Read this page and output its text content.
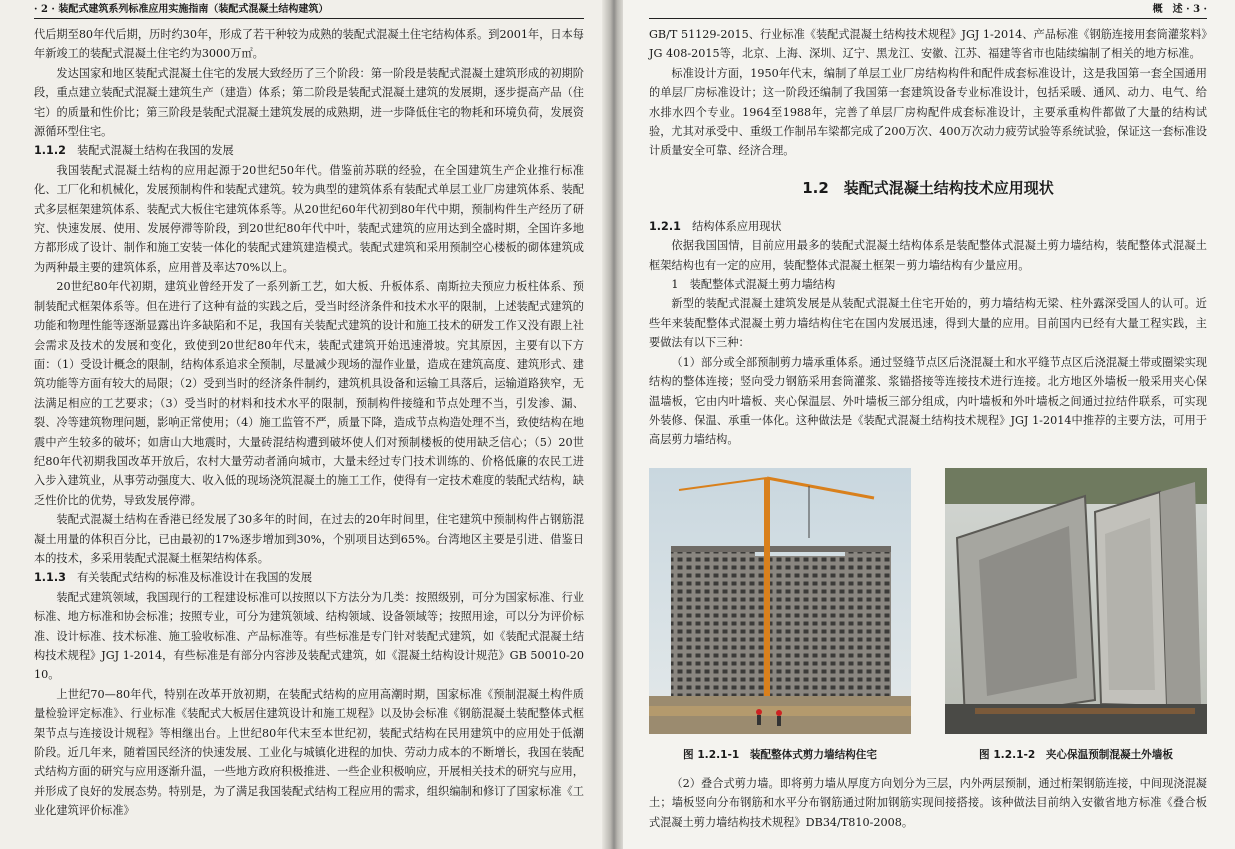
· 2 · 装配式建筑系列标准应用实施指南（装配式混凝土结构建筑）

代后期至80年代后期，历时约30年，形成了若干种较为成熟的装配式混凝土住宅结构体系。到2001年，日本每年新竣工的装配式混凝土住宅约为3000万㎡。

发达国家和地区装配式混凝土住宅的发展大致经历了三个阶段：第一阶段是装配式混凝土建筑形成的初期阶段，重点建立装配式混凝土建筑生产（建造）体系；第二阶段是装配式混凝土建筑的发展期，逐步提高产品（住宅）的质量和性价比；第三阶段是装配式混凝土建筑发展的成熟期，进一步降低住宅的物耗和环境负荷，发展资源循环型住宅。

1.1.2　 装配式混凝土结构在我国的发展

我国装配式混凝土结构的应用起源于20世纪50年代。借鉴前苏联的经验，在全国建筑生产企业推行标准化、工厂化和机械化，发展预制构件和装配式建筑。较为典型的建筑体系有装配式单层工业厂房建筑体系、装配式多层框架建筑体系、装配式大板住宅建筑体系等。从20世纪60年代初到80年代中期，预制构件生产经历了研究、快速发展、使用、发展停滞等阶段，到20世纪80年代中叶，装配式建筑的应用达到全盛时期，全国许多地方都形成了设计、制作和施工安装一体化的装配式建筑建造模式。装配式建筑和采用预制空心楼板的砌体建筑成为两种最主要的建筑体系，应用普及率达70%以上。

20世纪80年代初期，建筑业曾经开发了一系列新工艺，如大板、升板体系、南斯拉夫预应力板柱体系、预制装配式框架体系等。但在进行了这种有益的实践之后，受当时经济条件和技术水平的限制，上述装配式建筑的功能和物理性能等逐渐显露出许多缺陷和不足，我国有关装配式建筑的设计和施工技术的研发工作又没有跟上社会需求及技术的发展和变化，致使到20世纪80年代末，装配式建筑开始迅速滑坡。究其原因，主要有以下方面：（1）受设计概念的限制，结构体系追求全预制，尽量减少现场的湿作业量，造成在建筑高度、建筑形式、建筑功能等方面有较大的局限；（2）受到当时的经济条件制约，建筑机具设备和运输工具落后，运输道路狭窄，无法满足相应的工艺要求；（3）受当时的材料和技术水平的限制，预制构件接缝和节点处理不当，引发渗、漏、裂、冷等建筑物理问题，影响正常使用；（4）施工监管不严，质量下降，造成节点构造处理不当，致使结构在地震中产生较多的破坏；如唐山大地震时，大量砖混结构遭到破坏使人们对预制楼板的使用缺乏信心；（5）20世纪80年代初期我国改革开放后，农村大量劳动者涌向城市，大量未经过专门技术训练的、价格低廉的农民工进入步入建筑业，从事劳动强度大、收入低的现场浇筑混凝土的施工工作，使得有一定技术难度的装配式结构，缺乏性价比的优势，导致发展停滞。

装配式混凝土结构在香港已经发展了30多年的时间，在过去的20年时间里，住宅建筑中预制构件占钢筋混凝土用量的体积百分比，已由最初的17%逐步增加到30%，个别项目达到65%。台湾地区主要是引进、借鉴日本的技术，多采用装配式混凝土框架结构体系。

1.1.3　 有关装配式结构的标准及标准设计在我国的发展

装配式建筑领域，我国现行的工程建设标准可以按照以下方法分为几类：按照级别，可分为国家标准、行业标准、地方标准和协会标准；按照专业，可分为建筑领域、结构领域、设备领域等；按照用途，可以分为评价标准、设计标准、技术标准、施工验收标准、产品标准等。有些标准是专门针对装配式建筑，如《装配式混凝土结构技术规程》JGJ 1-2014，有些标准是有部分内容涉及装配式建筑，如《混凝土结构设计规范》GB 50010-2010。

上世纪70—80年代，特别在改革开放初期，在装配式结构的应用高潮时期，国家标准《预制混凝土构件质量检验评定标准》、行业标准《装配式大板居住建筑设计和施工规程》以及协会标准《钢筋混凝土装配整体式框架节点与连接设计规程》等相继出台。上世纪80年代末至本世纪初，装配式结构在民用建筑中的应用处于低潮阶段。近几年来，随着国民经济的快速发展、工业化与城镇化进程的加快、劳动力成本的不断增长，我国在装配式结构方面的研究与应用逐渐升温，一些地方政府积极推进、一些企业积极响应，开展相关技术的研究与应用，并形成了良好的发展态势。特别是，为了满足我国装配式结构工程应用的需求，组织编制和修订了国家标准《工业化建筑评价标准》

概　述 · 3 ·

GB/T 51129-2015、行业标准《装配式混凝土结构技术规程》JGJ 1-2014、产品标准《钢筋连接用套筒灌浆料》JG 408-2015等，北京、上海、深圳、辽宁、黑龙江、安徽、江苏、福建等省市也陆续编制了相关的地方标准。

标准设计方面，1950年代末，编制了单层工业厂房结构构件和配件成套标准设计，这是我国第一套全国通用的单层厂房标准设计；这一阶段还编制了我国第一套建筑设备专业标准设计，包括采暖、通风、动力、电气、给水排水四个专业。1964至1988年，完善了单层厂房构配件成套标准设计，主要承重构件都做了大量的结构试验，尤其对承受中、重级工作制吊车梁都完成了200万次、400万次动力疲劳试验等系统试验，保证这一套标准设计质量安全可靠、经济合理。

1.2　装配式混凝土结构技术应用现状
1.2.1　 结构体系应用现状

依据我国国情，目前应用最多的装配式混凝土结构体系是装配整体式混凝土剪力墙结构，装配整体式混凝土框架结构也有一定的应用，装配整体式混凝土框架－剪力墙结构有少量应用。

1　装配整体式混凝土剪力墙结构

新型的装配式混凝土建筑发展是从装配式混凝土住宅开始的，剪力墙结构无梁、柱外露深受国人的认可。近些年来装配整体式混凝土剪力墙结构住宅在国内发展迅速，得到大量的应用。目前国内已经有大量工程实践，主要做法有以下三种：

（1）部分或全部预制剪力墙承重体系。通过竖缝节点区后浇混凝土和水平缝节点区后浇混凝土带或圈梁实现结构的整体连接；竖向受力钢筋采用套筒灌浆、浆锚搭接等连接技术进行连接。北方地区外墙板一般采用夹心保温墙板，它由内叶墙板、夹心保温层、外叶墙板三部分组成，内叶墙板和外叶墙板之间通过拉结件联系，可实现外装修、保温、承重一体化。这种做法是《装配式混凝土结构技术规程》JGJ 1-2014中推荐的主要方法，可用于高层剪力墙结构。

图 1.2.1-1　装配整体式剪力墙结构住宅	图 1.2.1-2　夹心保温预制混凝土外墙板

（2）叠合式剪力墙。即将剪力墙从厚度方向划分为三层，内外两层预制，通过桁架钢筋连接，中间现浇混凝土；墙板竖向分布钢筋和水平分布钢筋通过附加钢筋实现间接搭接。该种做法目前纳入安徽省地方标准《叠合板式混凝土剪力墙结构技术规程》DB34/T810-2008。
